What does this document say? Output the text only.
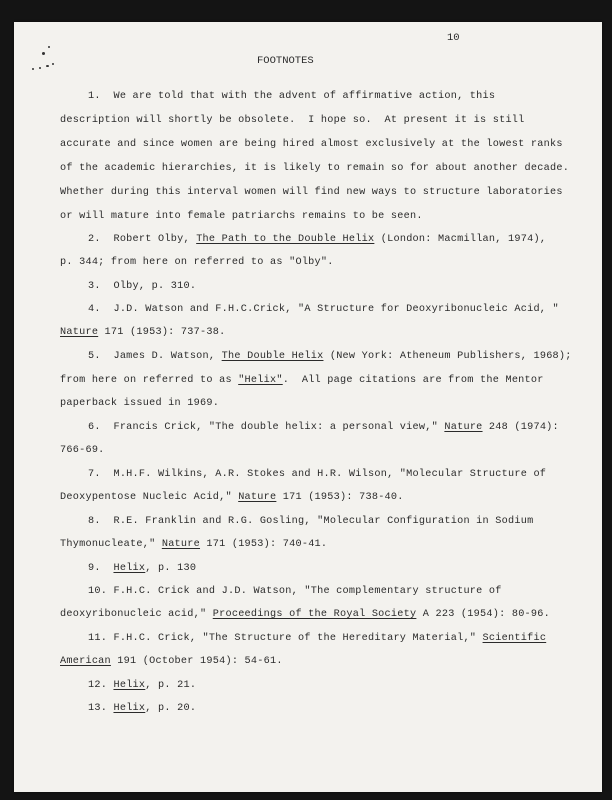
10
FOOTNOTES
1.  We are told that with the advent of affirmative action, this
description will shortly be obsolete.  I hope so.  At present it is still
accurate and since women are being hired almost exclusively at the lowest ranks
of the academic hierarchies, it is likely to remain so for about another decade.
Whether during this interval women will find new ways to structure laboratories
or will mature into female patriarchs remains to be seen.
2.  Robert Olby, The Path to the Double Helix (London: Macmillan, 1974),
p. 344; from here on referred to as "Olby".
3.  Olby, p. 310.
4.  J.D. Watson and F.H.C.Crick, "A Structure for Deoxyribonucleic Acid, "
Nature 171 (1953): 737-38.
5.  James D. Watson, The Double Helix (New York: Atheneum Publishers, 1968);
from here on referred to as "Helix".  All page citations are from the Mentor
paperback issued in 1969.
6.  Francis Crick, "The double helix: a personal view," Nature 248 (1974):
766-69.
7.  M.H.F. Wilkins, A.R. Stokes and H.R. Wilson, "Molecular Structure of
Deoxypentose Nucleic Acid," Nature 171 (1953): 738-40.
8.  R.E. Franklin and R.G. Gosling, "Molecular Configuration in Sodium
Thymonucleate," Nature 171 (1953): 740-41.
9.  Helix, p. 130
10. F.H.C. Crick and J.D. Watson, "The complementary structure of
deoxyribonucleic acid," Proceedings of the Royal Society A 223 (1954): 80-96.
11. F.H.C. Crick, "The Structure of the Hereditary Material," Scientific
American 191 (October 1954): 54-61.
12. Helix, p. 21.
13. Helix, p. 20.
